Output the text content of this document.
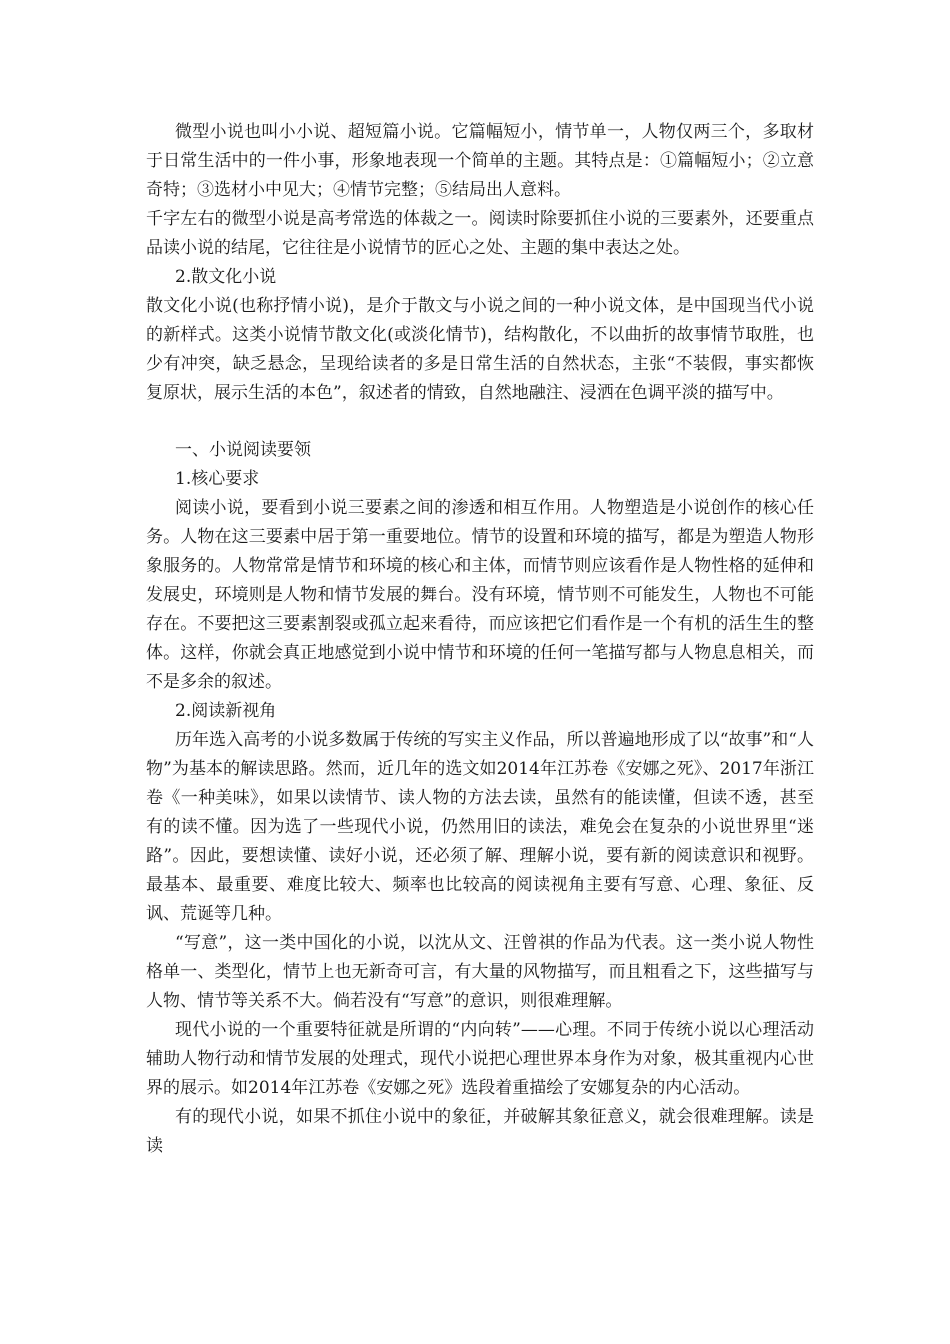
微型小说也叫小小说、超短篇小说。它篇幅短小，情节单一，人物仅两三个，多取材于日常生活中的一件小事，形象地表现一个简单的主题。其特点是：①篇幅短小；②立意奇特；③选材小中见大；④情节完整；⑤结局出人意料。

千字左右的微型小说是高考常选的体裁之一。阅读时除要抓住小说的三要素外，还要重点品读小说的结尾，它往往是小说情节的匠心之处、主题的集中表达之处。

2.散文化小说

散文化小说(也称抒情小说)，是介于散文与小说之间的一种小说文体，是中国现当代小说的新样式。这类小说情节散文化(或淡化情节)，结构散化，不以曲折的故事情节取胜，也少有冲突，缺乏悬念，呈现给读者的多是日常生活的自然状态，主张“不装假，事实都恢复原状，展示生活的本色”，叙述者的情致，自然地融注、浸洒在色调平淡的描写中。

一、小说阅读要领

1.核心要求

阅读小说，要看到小说三要素之间的渗透和相互作用。人物塑造是小说创作的核心任务。人物在这三要素中居于第一重要地位。情节的设置和环境的描写，都是为塑造人物形象服务的。人物常常是情节和环境的核心和主体，而情节则应该看作是人物性格的延伸和发展史，环境则是人物和情节发展的舞台。没有环境，情节则不可能发生，人物也不可能存在。不要把这三要素割裂或孤立起来看待，而应该把它们看作是一个有机的活生生的整体。这样，你就会真正地感觉到小说中情节和环境的任何一笔描写都与人物息息相关，而不是多余的叙述。

2.阅读新视角

历年选入高考的小说多数属于传统的写实主义作品，所以普遍地形成了以“故事”和“人物”为基本的解读思路。然而，近几年的选文如2014年江苏卷《安娜之死》、2017年浙江卷《一种美味》，如果以读情节、读人物的方法去读，虽然有的能读懂，但读不透，甚至有的读不懂。因为选了一些现代小说，仍然用旧的读法，难免会在复杂的小说世界里“迷路”。因此，要想读懂、读好小说，还必须了解、理解小说，要有新的阅读意识和视野。最基本、最重要、难度比较大、频率也比较高的阅读视角主要有写意、心理、象征、反讽、荒诞等几种。

“写意”，这一类中国化的小说，以沈从文、汪曾祺的作品为代表。这一类小说人物性格单一、类型化，情节上也无新奇可言，有大量的风物描写，而且粗看之下，这些描写与人物、情节等关系不大。倘若没有“写意”的意识，则很难理解。

现代小说的一个重要特征就是所谓的“内向转”——心理。不同于传统小说以心理活动辅助人物行动和情节发展的处理式，现代小说把心理世界本身作为对象，极其重视内心世界的展示。如2014年江苏卷《安娜之死》选段着重描绘了安娜复杂的内心活动。

有的现代小说，如果不抓住小说中的象征，并破解其象征意义，就会很难理解。读是读
